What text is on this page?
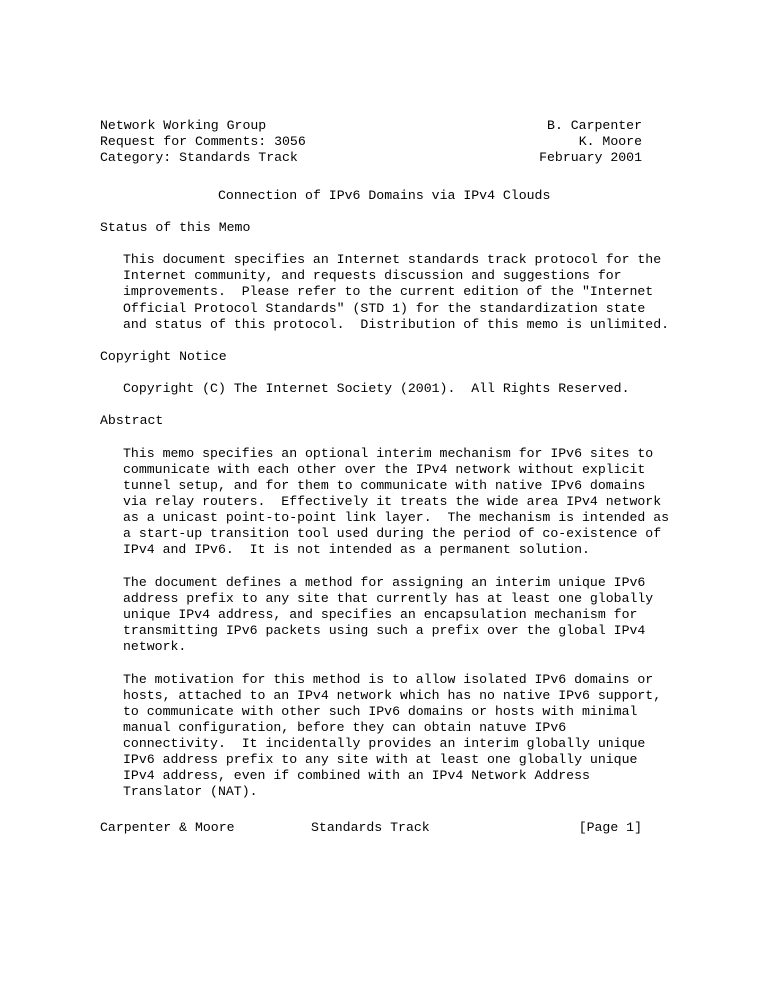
Network Working Group
Request for Comments: 3056
Category: Standards Track
B. Carpenter
K. Moore
February 2001
Connection of IPv6 Domains via IPv4 Clouds
Status of this Memo
This document specifies an Internet standards track protocol for the
Internet community, and requests discussion and suggestions for
improvements.  Please refer to the current edition of the "Internet
Official Protocol Standards" (STD 1) for the standardization state
and status of this protocol.  Distribution of this memo is unlimited.
Copyright Notice
Copyright (C) The Internet Society (2001).  All Rights Reserved.
Abstract
This memo specifies an optional interim mechanism for IPv6 sites to
communicate with each other over the IPv4 network without explicit
tunnel setup, and for them to communicate with native IPv6 domains
via relay routers.  Effectively it treats the wide area IPv4 network
as a unicast point-to-point link layer.  The mechanism is intended as
a start-up transition tool used during the period of co-existence of
IPv4 and IPv6.  It is not intended as a permanent solution.
The document defines a method for assigning an interim unique IPv6
address prefix to any site that currently has at least one globally
unique IPv4 address, and specifies an encapsulation mechanism for
transmitting IPv6 packets using such a prefix over the global IPv4
network.
The motivation for this method is to allow isolated IPv6 domains or
hosts, attached to an IPv4 network which has no native IPv6 support,
to communicate with other such IPv6 domains or hosts with minimal
manual configuration, before they can obtain natuve IPv6
connectivity.  It incidentally provides an interim globally unique
IPv6 address prefix to any site with at least one globally unique
IPv4 address, even if combined with an IPv4 Network Address
Translator (NAT).
Carpenter & Moore	Standards Track	[Page 1]
